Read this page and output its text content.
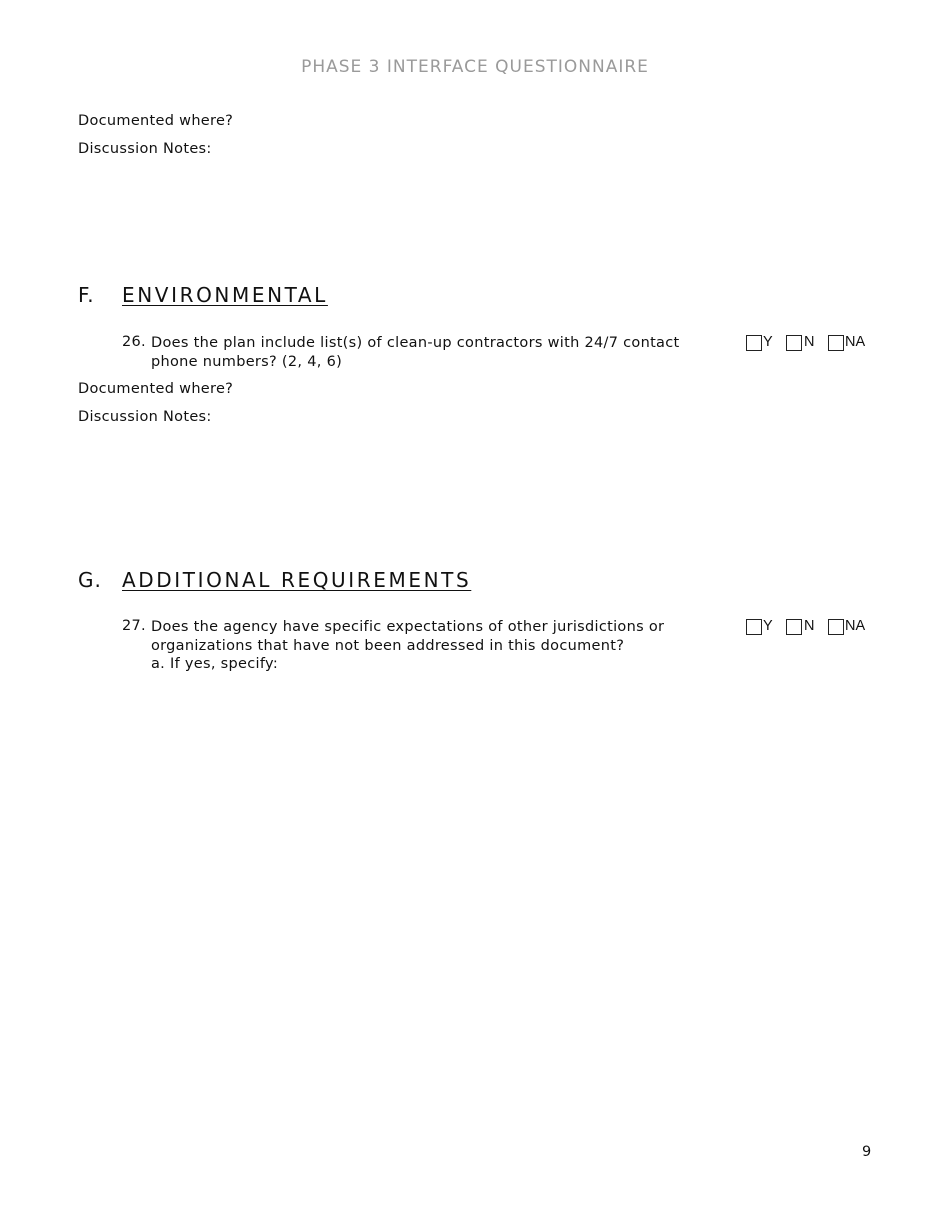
PHASE 3 INTERFACE QUESTIONNAIRE
Documented where?
Discussion Notes:
F. ENVIRONMENTAL
26. Does the plan include list(s) of clean-up contractors with 24/7 contact
phone numbers? (2, 4, 6)
Y N NA
Documented where?
Discussion Notes:
G. ADDITIONAL REQUIREMENTS
27. Does the agency have specific expectations of other jurisdictions or
organizations that have not been addressed in this document?
a. If yes, specify:
Y N NA
9
